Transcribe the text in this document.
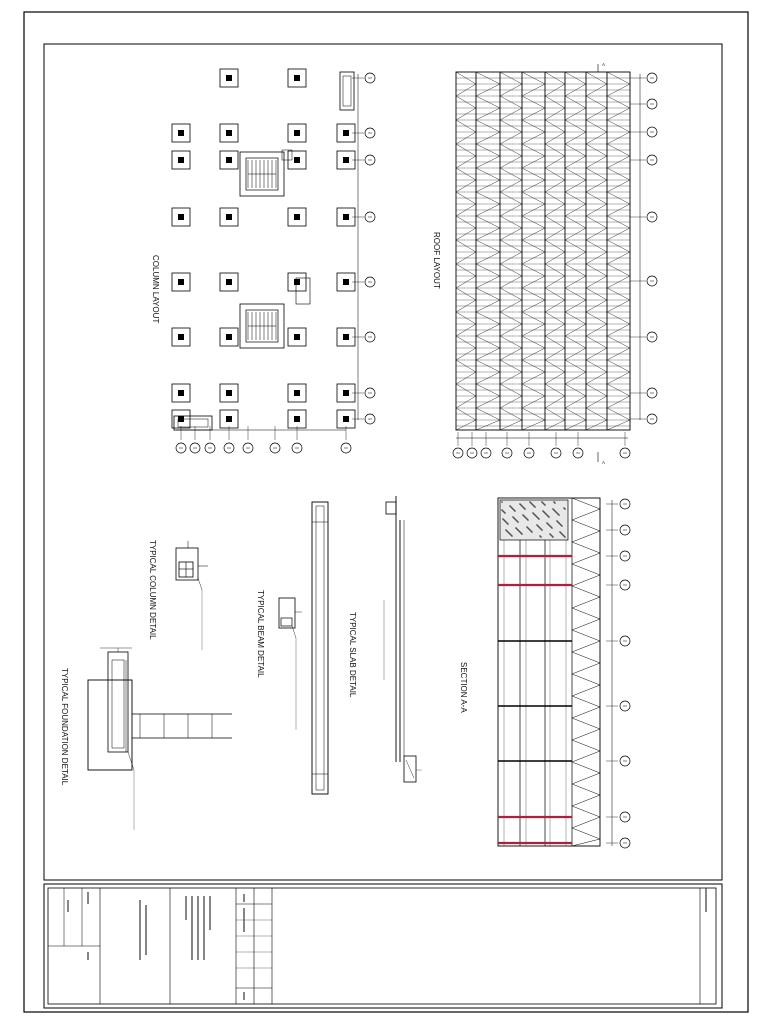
COLUMN LAYOUT	ROOF LAYOUT
A
A
SECTION A-A
TYPICAL COLUMN DETAIL	TYPICAL BEAM DETAIL	TYPICAL SLAB DETAIL
TYPICAL FOUNDATION DETAIL
